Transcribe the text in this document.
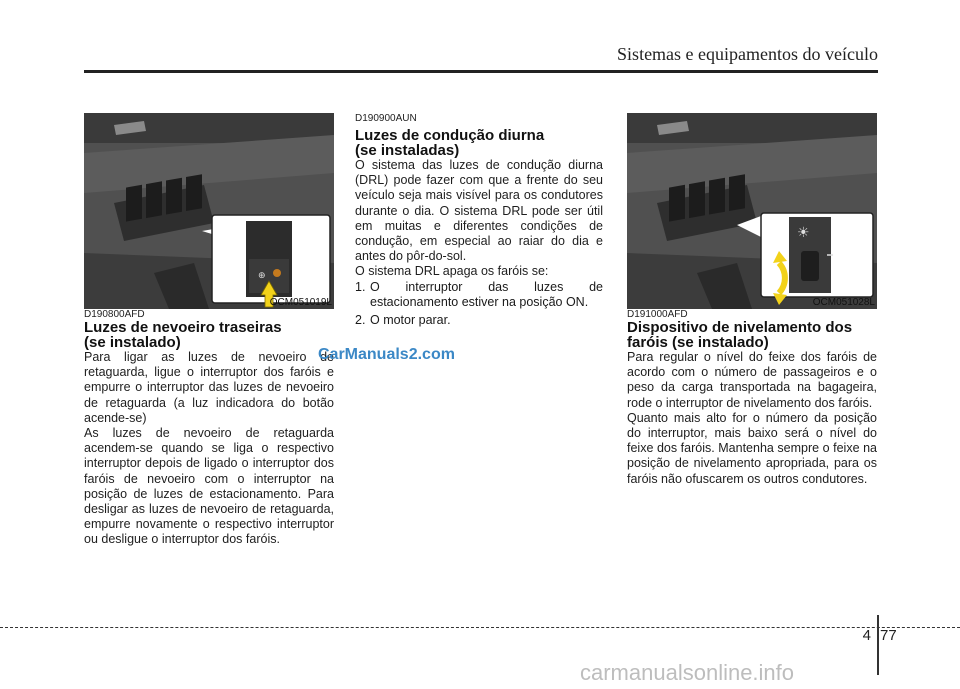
Sistemas e equipamentos do veículo
⊕
OCM051019L

D190800AFD

Luzes de nevoeiro traseiras
(se instalado)

Para ligar as luzes de nevoeiro de retaguarda, ligue o interruptor dos faróis e empurre o interruptor das luzes de nevoeiro de retaguarda (a luz indicadora do botão acende-se)

As luzes de nevoeiro de retaguarda acendem-se quando se liga o respectivo interruptor depois de ligado o interruptor dos faróis de nevoeiro com o interruptor na posição de luzes de estacionamento. Para desligar as luzes de nevoeiro de retaguarda, empurre novamente o respectivo interruptor ou desligue o interruptor dos faróis.

D190900AUN

Luzes de condução diurna
(se instaladas)

O sistema das luzes de condução diurna (DRL) pode fazer com que a frente do seu veículo seja mais visível para os condutores durante o dia. O sistema DRL pode ser útil em muitas e diferentes condições de condução, em especial ao raiar do dia e antes do pôr-do-sol.

O sistema DRL apaga os faróis se:

1. O interruptor das luzes de estacionamento estiver na posição ON.
2. O motor parar.
☀
OCM051028L

D191000AFD

Dispositivo de nivelamento dos
faróis (se instalado)

Para regular o nível do feixe dos faróis de acordo com o número de passageiros e o peso da carga transportada na bagageira, rode o interruptor de nivelamento dos faróis.

Quanto mais alto for o número da posição do interruptor, mais baixo será o nível do feixe dos faróis. Mantenha sempre o feixe na posição de nivelamento apropriada, para os faróis não ofuscarem os outros condutores.

CarManuals2.com
4 77
carmanualsonline.info
